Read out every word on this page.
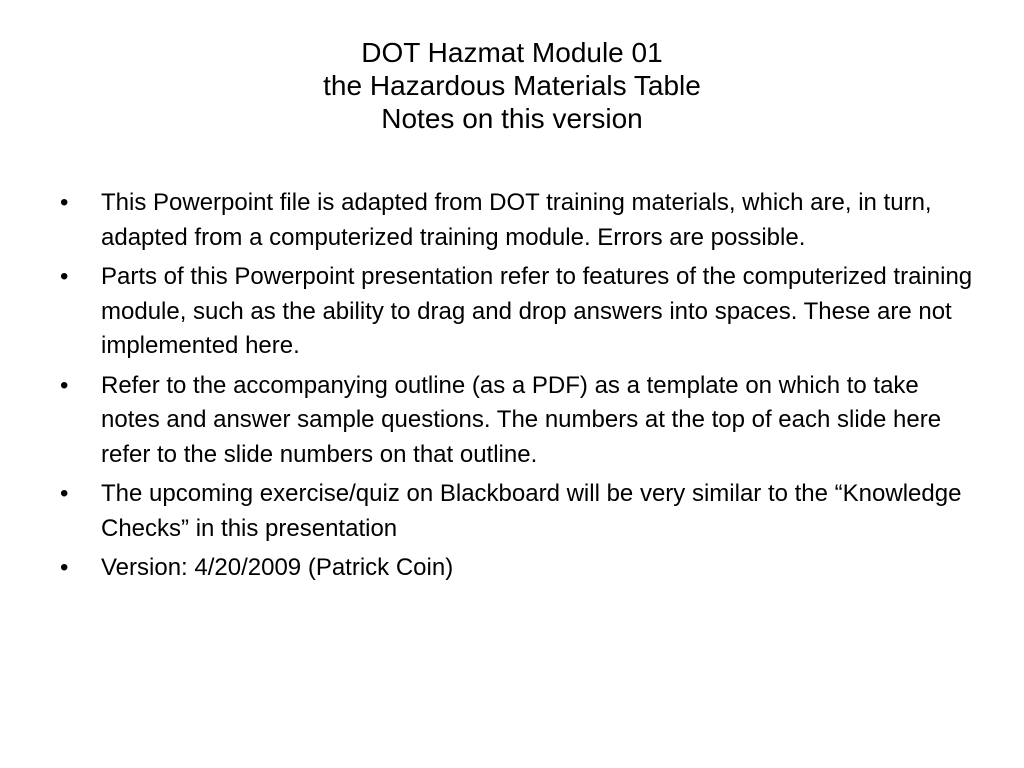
DOT Hazmat Module 01
the Hazardous Materials Table
Notes on this version
• This Powerpoint file is adapted from DOT training materials, which are, in turn, adapted from a computerized training module. Errors are possible.
• Parts of this Powerpoint presentation refer to features of the computerized training module, such as the ability to drag and drop answers into spaces. These are not implemented here.
• Refer to the accompanying outline (as a PDF) as a template on which to take notes and answer sample questions. The numbers at the top of each slide here refer to the slide numbers on that outline.
• The upcoming exercise/quiz on Blackboard will be very similar to the “Knowledge Checks” in this presentation
• Version: 4/20/2009 (Patrick Coin)
